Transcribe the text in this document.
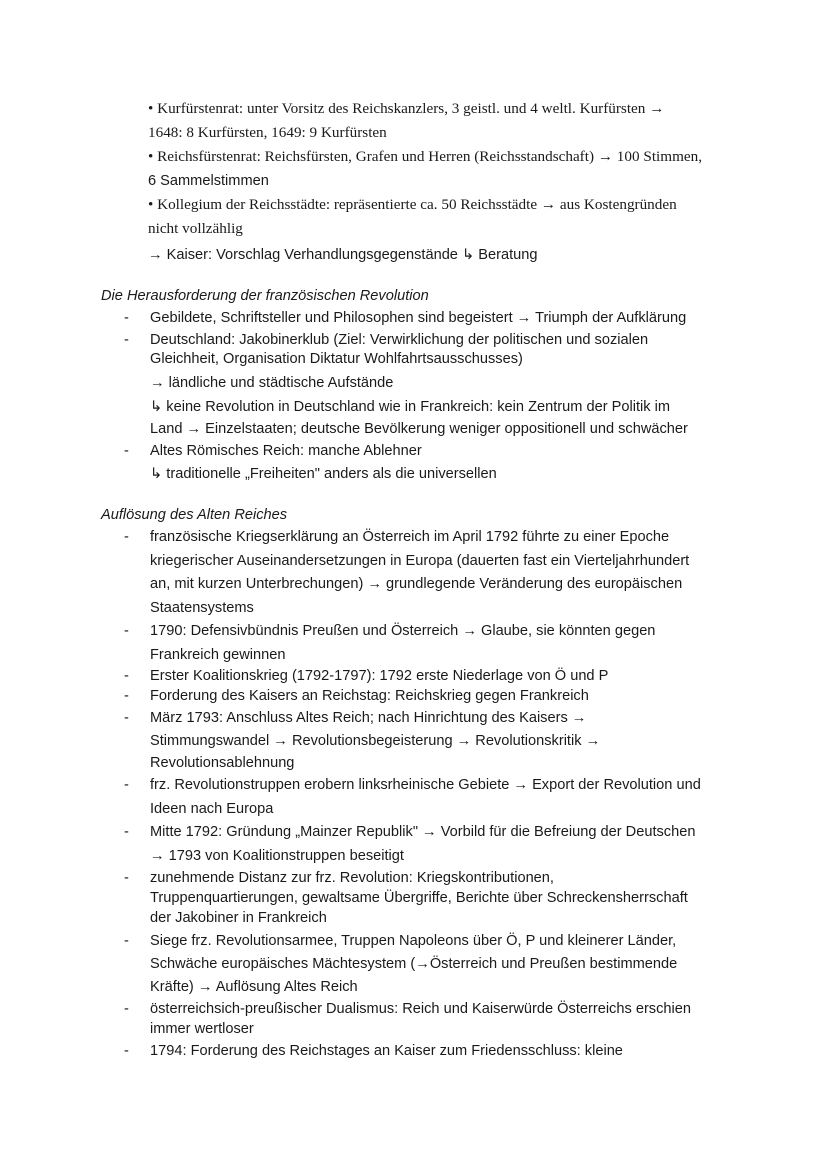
• Kurfürstenrat: unter Vorsitz des Reichskanzlers, 3 geistl. und 4 weltl. Kurfürsten →

1648: 8 Kurfürsten, 1649: 9 Kurfürsten

• Reichsfürstenrat: Reichsfürsten, Grafen und Herren (Reichsstandschaft) → 100 Stimmen,

6 Sammelstimmen

• Kollegium der Reichsstädte: repräsentierte ca. 50 Reichsstädte → aus Kostengründen

nicht vollzählig

→ Kaiser: Vorschlag Verhandlungsgegenstände ↳ Beratung

Die Herausforderung der französischen Revolution

- Gebildete, Schriftsteller und Philosophen sind begeistert → Triumph der Aufklärung

- Deutschland: Jakobinerklub (Ziel: Verwirklichung der politischen und sozialen

Gleichheit, Organisation Diktatur Wohlfahrtsausschusses)

→ ländliche und städtische Aufstände

↳ keine Revolution in Deutschland wie in Frankreich: kein Zentrum der Politik im

Land → Einzelstaaten; deutsche Bevölkerung weniger oppositionell und schwächer

- Altes Römisches Reich: manche Ablehner

↳ traditionelle „Freiheiten" anders als die universellen

Auflösung des Alten Reiches

- französische Kriegserklärung an Österreich im April 1792 führte zu einer Epoche

kriegerischer Auseinandersetzungen in Europa (dauerten fast ein Vierteljahrhundert

an, mit kurzen Unterbrechungen) → grundlegende Veränderung des europäischen

Staatensystems

- 1790: Defensivbündnis Preußen und Österreich → Glaube, sie könnten gegen

Frankreich gewinnen

- Erster Koalitionskrieg (1792-1797): 1792 erste Niederlage von Ö und P

- Forderung des Kaisers an Reichstag: Reichskrieg gegen Frankreich

- März 1793: Anschluss Altes Reich; nach Hinrichtung des Kaisers →

Stimmungswandel → Revolutionsbegeisterung → Revolutionskritik →

Revolutionsablehnung

- frz. Revolutionstruppen erobern linksrheinische Gebiete → Export der Revolution und

Ideen nach Europa

- Mitte 1792: Gründung „Mainzer Republik" → Vorbild für die Befreiung der Deutschen

→ 1793 von Koalitionstruppen beseitigt

- zunehmende Distanz zur frz. Revolution: Kriegskontributionen,

Truppenquartierungen, gewaltsame Übergriffe, Berichte über Schreckensherrschaft

der Jakobiner in Frankreich

- Siege frz. Revolutionsarmee, Truppen Napoleons über Ö, P und kleinerer Länder,

Schwäche europäisches Mächtesystem (→Österreich und Preußen bestimmende

Kräfte) → Auflösung Altes Reich

- österreichsich-preußischer Dualismus: Reich und Kaiserwürde Österreichs erschien

immer wertloser

- 1794: Forderung des Reichstages an Kaiser zum Friedensschluss: kleine
